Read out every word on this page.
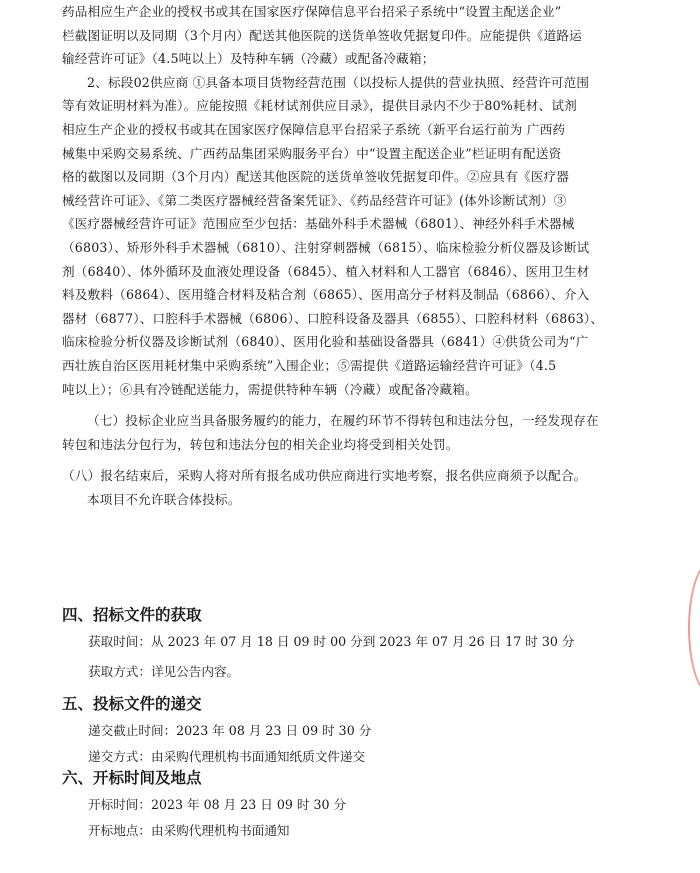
药品相应生产企业的授权书或其在国家医疗保障信息平台招采子系统中“设置主配送企业”
栏截图证明以及同期（3个月内）配送其他医院的送货单签收凭据复印件。应能提供《道路运
输经营许可证》（4.5吨以上）及特种车辆（冷藏）或配备冷藏箱；
2、标段02供应商 ①具备本项目货物经营范围（以投标人提供的营业执照、经营许可范围
等有效证明材料为准）。应能按照《耗材试剂供应目录》，提供目录内不少于80%耗材、试剂
相应生产企业的授权书或其在国家医疗保障信息平台招采子系统（新平台运行前为 广西药
械集中采购交易系统、广西药品集团采购服务平台）中“设置主配送企业”栏证明有配送资
格的截图以及同期（3个月内）配送其他医院的送货单签收凭据复印件。②应具有《医疗器
械经营许可证》、《第二类医疗器械经营备案凭证》、《药品经营许可证》(体外诊断试剂）③
《医疗器械经营许可证》范围应至少包括：基础外科手术器械（6801）、神经外科手术器械
（6803）、矫形外科手术器械（6810）、注射穿刺器械（6815）、临床检验分析仪器及诊断试
剂（6840）、体外循环及血液处理设备（6845）、植入材料和人工器官（6846）、医用卫生材
料及敷料（6864）、医用缝合材料及粘合剂（6865）、医用高分子材料及制品（6866）、介入
器材（6877）、口腔科手术器械（6806）、口腔科设备及器具（6855）、口腔科材料（6863）、
临床检验分析仪器及诊断试剂（6840）、医用化验和基础设备器具（6841）④供货公司为“广
西壮族自治区医用耗材集中采购系统”入围企业；⑤需提供《道路运输经营许可证》（4.5
吨以上）；⑥具有冷链配送能力，需提供特种车辆（冷藏）或配备冷藏箱。
（七）投标企业应当具备服务履约的能力，在履约环节不得转包和违法分包，一经发现存在
转包和违法分包行为，转包和违法分包的相关企业均将受到相关处罚。
（八）报名结束后，采购人将对所有报名成功供应商进行实地考察，报名供应商须予以配合。
本项目不允许联合体投标。
四、招标文件的获取
获取时间：从 2023 年 07 月 18 日 09 时 00 分到 2023 年 07 月 26 日 17 时 30 分
获取方式：详见公告内容。
五、投标文件的递交
递交截止时间：2023 年 08 月 23 日 09 时 30 分
递交方式：由采购代理机构书面通知纸质文件递交
六、开标时间及地点
开标时间：2023 年 08 月 23 日 09 时 30 分
开标地点：由采购代理机构书面通知
